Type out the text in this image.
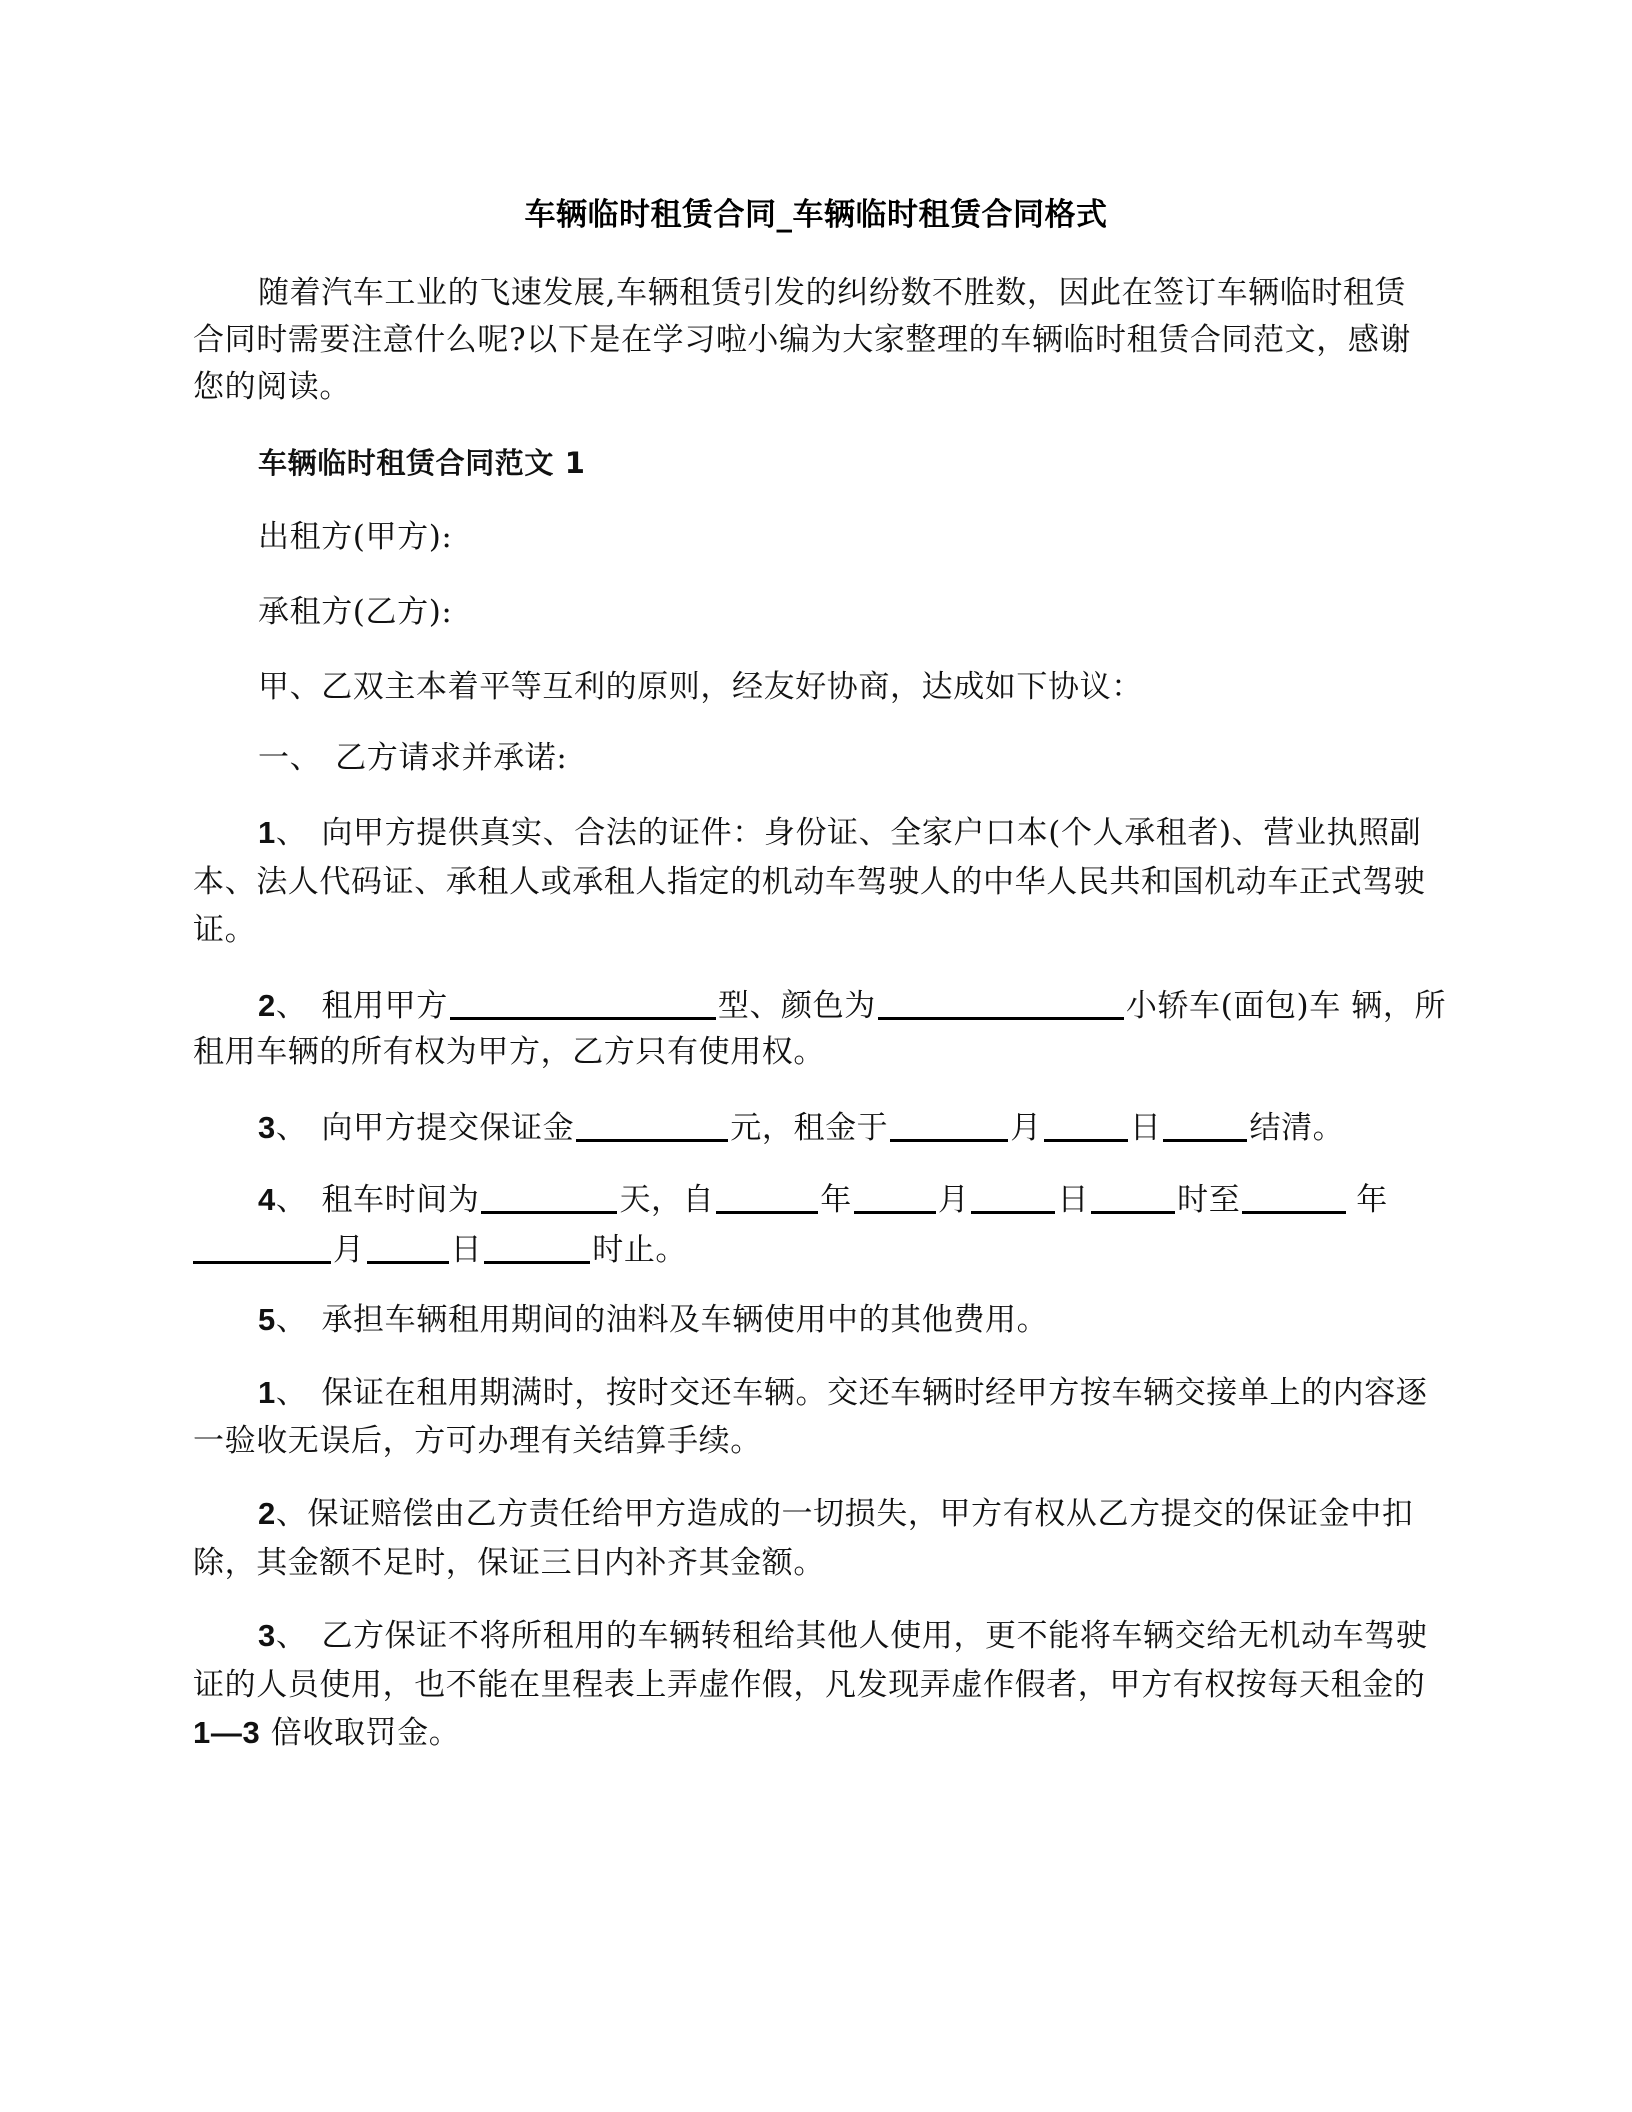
车辆临时租赁合同_车辆临时租赁合同格式
随着汽车工业的飞速发展,车辆租赁引发的纠纷数不胜数，因此在签订车辆临时租赁
合同时需要注意什么呢?以下是在学习啦小编为大家整理的车辆临时租赁合同范文，感谢
您的阅读。
车辆临时租赁合同范文 1
出租方(甲方):
承租方(乙方):
甲、乙双主本着平等互利的原则，经友好协商，达成如下协议：
一、 乙方请求并承诺:
1、 向甲方提供真实、合法的证件：身份证、全家户口本(个人承租者)、营业执照副
本、法人代码证、承租人或承租人指定的机动车驾驶人的中华人民共和国机动车正式驾驶
证。
2、 租用甲方	型、颜色为	小轿车(面包)车 辆，所
租用车辆的所有权为甲方，乙方只有使用权。
3、 向甲方提交保证金	元，租金于	月	日	结清。
4、 租车时间为	天，自	年	月	日	时至	年
月	日	时止。
5、 承担车辆租用期间的油料及车辆使用中的其他费用。
1、 保证在租用期满时，按时交还车辆。交还车辆时经甲方按车辆交接单上的内容逐
一验收无误后，方可办理有关结算手续。
2、保证赔偿由乙方责任给甲方造成的一切损失，甲方有权从乙方提交的保证金中扣
除，其金额不足时，保证三日内补齐其金额。
3、 乙方保证不将所租用的车辆转租给其他人使用，更不能将车辆交给无机动车驾驶
证的人员使用，也不能在里程表上弄虚作假，凡发现弄虚作假者，甲方有权按每天租金的
1—3 倍收取罚金。
